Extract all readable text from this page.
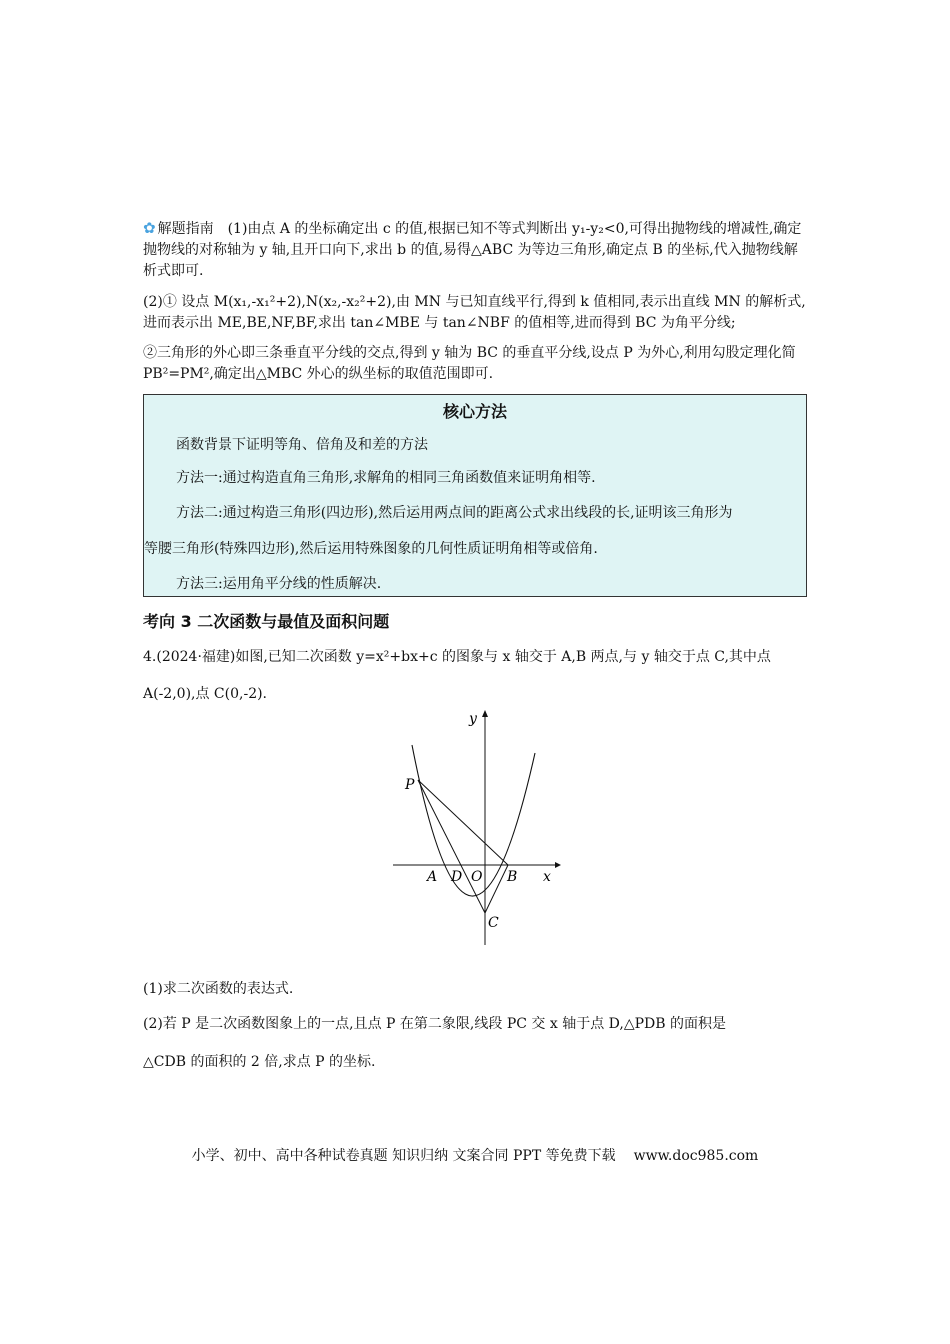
✿ 解题指南 (1)由点 A 的坐标确定出 c 的值,根据已知不等式判断出 y₁-y₂<0,可得出抛物线的增减性,确定抛物线的对称轴为 y 轴,且开口向下,求出 b 的值,易得△ABC 为等边三角形,确定点 B 的坐标,代入抛物线解析式即可.

(2)① 设点 M(x₁,-x₁²+2),N(x₂,-x₂²+2),由 MN 与已知直线平行,得到 k 值相同,表示出直线 MN 的解析式,进而表示出 ME,BE,NF,BF,求出 tan∠MBE 与 tan∠NBF 的值相等,进而得到 BC 为角平分线;

②三角形的外心即三条垂直平分线的交点,得到 y 轴为 BC 的垂直平分线,设点 P 为外心,利用勾股定理化简 PB²=PM²,确定出△MBC 外心的纵坐标的取值范围即可.

核心方法
函数背景下证明等角、倍角及和差的方法
方法一:通过构造直角三角形,求解角的相同三角函数值来证明角相等.
方法二:通过构造三角形(四边形),然后运用两点间的距离公式求出线段的长,证明该三角形为
等腰三角形(特殊四边形),然后运用特殊图象的几何性质证明角相等或倍角.
方法三:运用角平分线的性质解决.
考向 3 二次函数与最值及面积问题

4.(2024·福建)如图,已知二次函数 y=x²+bx+c 的图象与 x 轴交于 A,B 两点,与 y 轴交于点 C,其中点

A(-2,0),点 C(0,-2).

y
x
P
A D O B
C

(1)求二次函数的表达式.

(2)若 P 是二次函数图象上的一点,且点 P 在第二象限,线段 PC 交 x 轴于点 D,△PDB 的面积是

△CDB 的面积的 2 倍,求点 P 的坐标.

小学、初中、高中各种试卷真题 知识归纳 文案合同 PPT 等免费下载 www.doc985.com
